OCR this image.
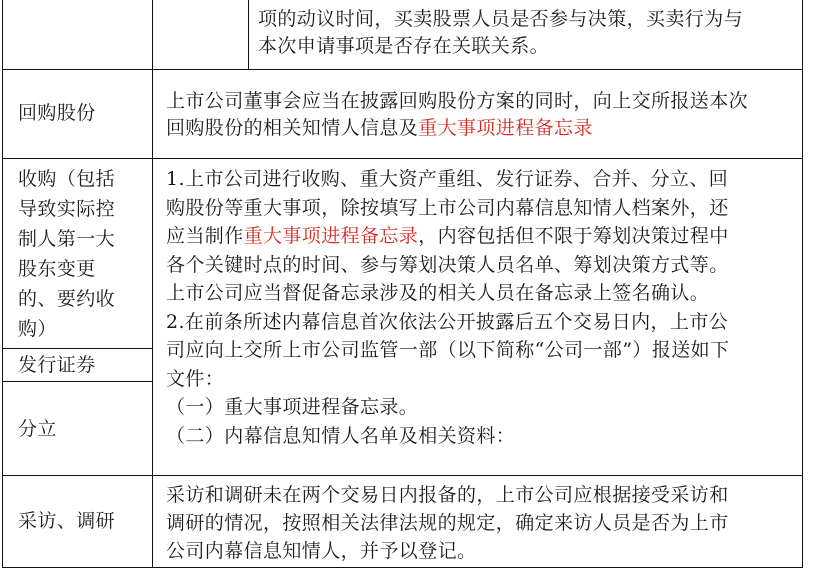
项的动议时间，买卖股票人员是否参与决策，买卖行为与
本次申请事项是否存在关联关系。
回购股份
上市公司董事会应当在披露回购股份方案的同时，向上交所报送本次
回购股份的相关知情人信息及重大事项进程备忘录
收购（包括
导致实际控
制人第一大
股东变更
的、要约收
购）
发行证券
分立
1.上市公司进行收购、重大资产重组、发行证券、合并、分立、回
购股份等重大事项，除按填写上市公司内幕信息知情人档案外，还
应当制作重大事项进程备忘录，内容包括但不限于筹划决策过程中
各个关键时点的时间、参与筹划决策人员名单、筹划决策方式等。
上市公司应当督促备忘录涉及的相关人员在备忘录上签名确认。
2.在前条所述内幕信息首次依法公开披露后五个交易日内，上市公
司应向上交所上市公司监管一部（以下简称“公司一部”）报送如下
文件：
（一）重大事项进程备忘录。
（二）内幕信息知情人名单及相关资料：
采访、调研
采访和调研未在两个交易日内报备的，上市公司应根据接受采访和
调研的情况，按照相关法律法规的规定，确定来访人员是否为上市
公司内幕信息知情人，并予以登记。
